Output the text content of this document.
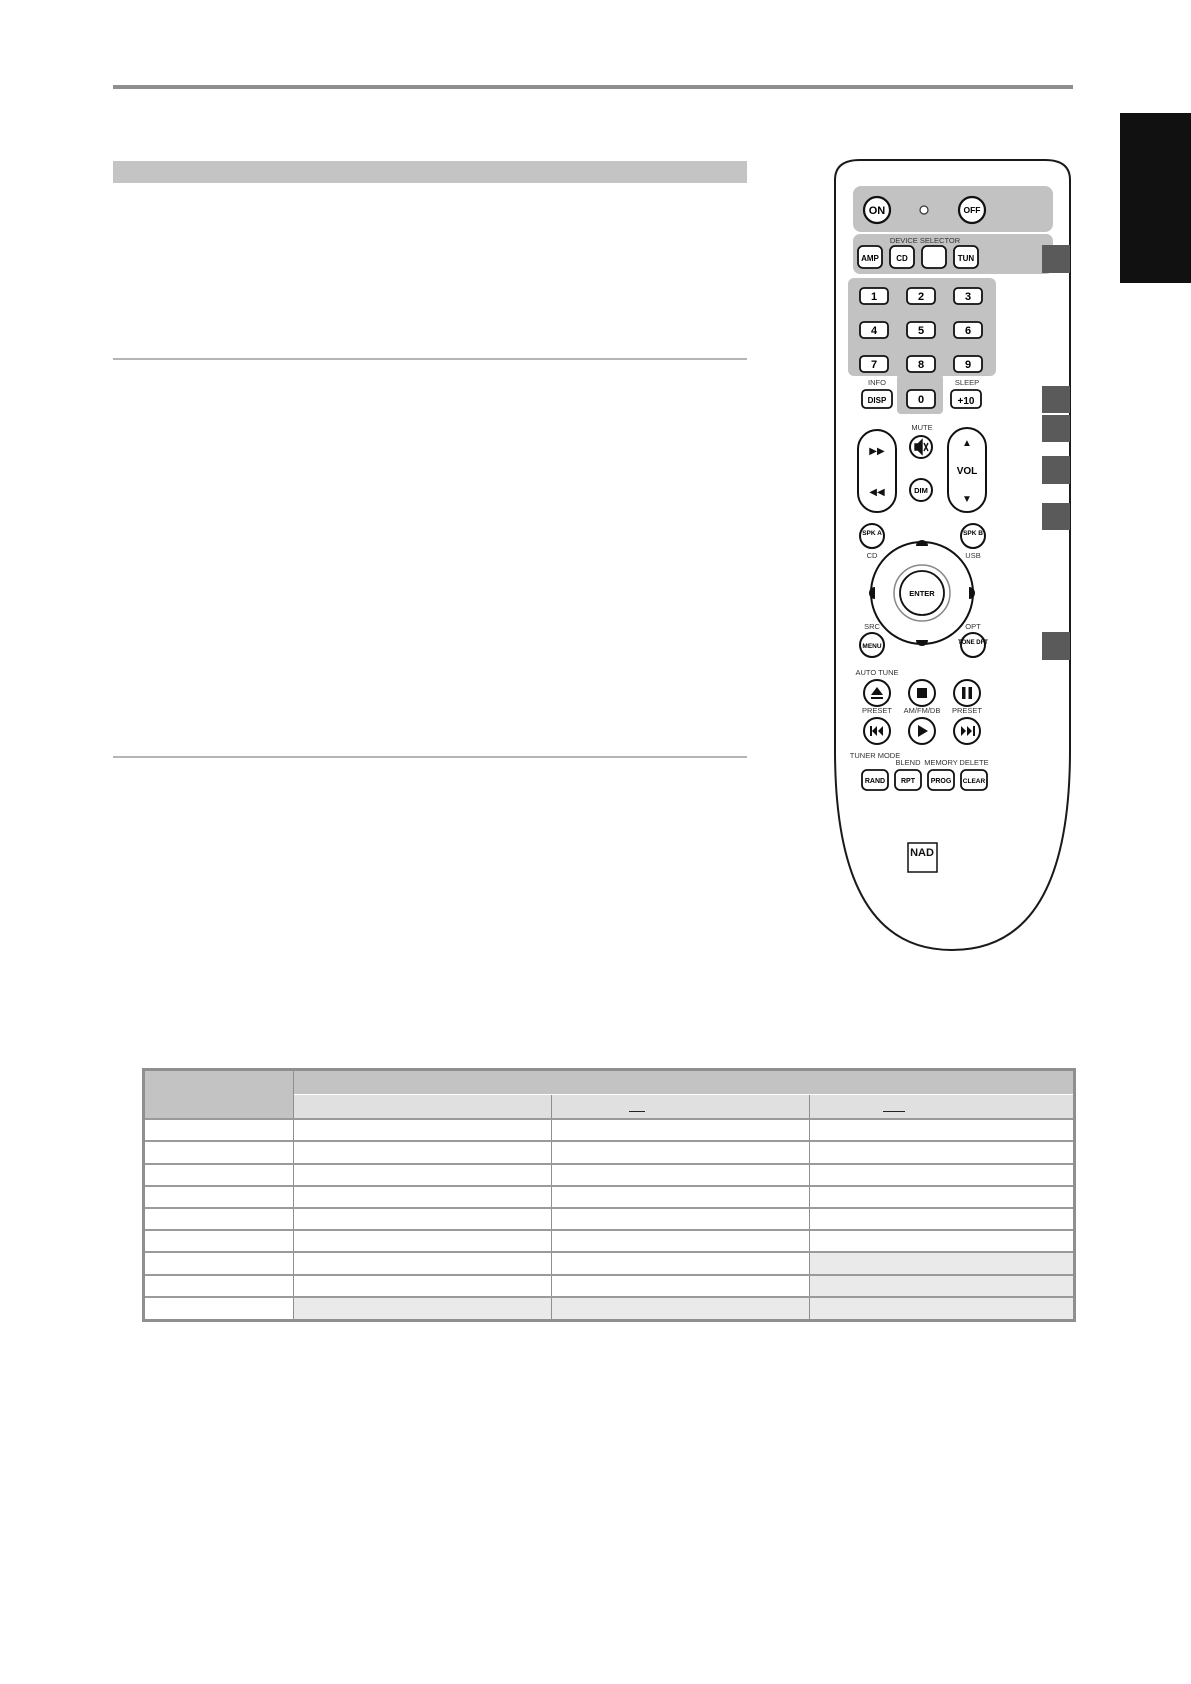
ON	OFF
DEVICE SELECTOR
AMP CD	TUN
1	2	3
4	5	6
7	8	9
0
INFO
DISP
SLEEP
+10
MUTE
▶▶
◀◀	DIM
▲
VOL
▼
SPK A
CD
SPK B
USB
ENTER
SRC
MENU
OPT
TONE DFT
AUTO TUNE
PRESET AM/FM/DB PRESET
TUNER MODE
BLEND MEMORY DELETE
RAND RPT PROG CLEAR
NAD
